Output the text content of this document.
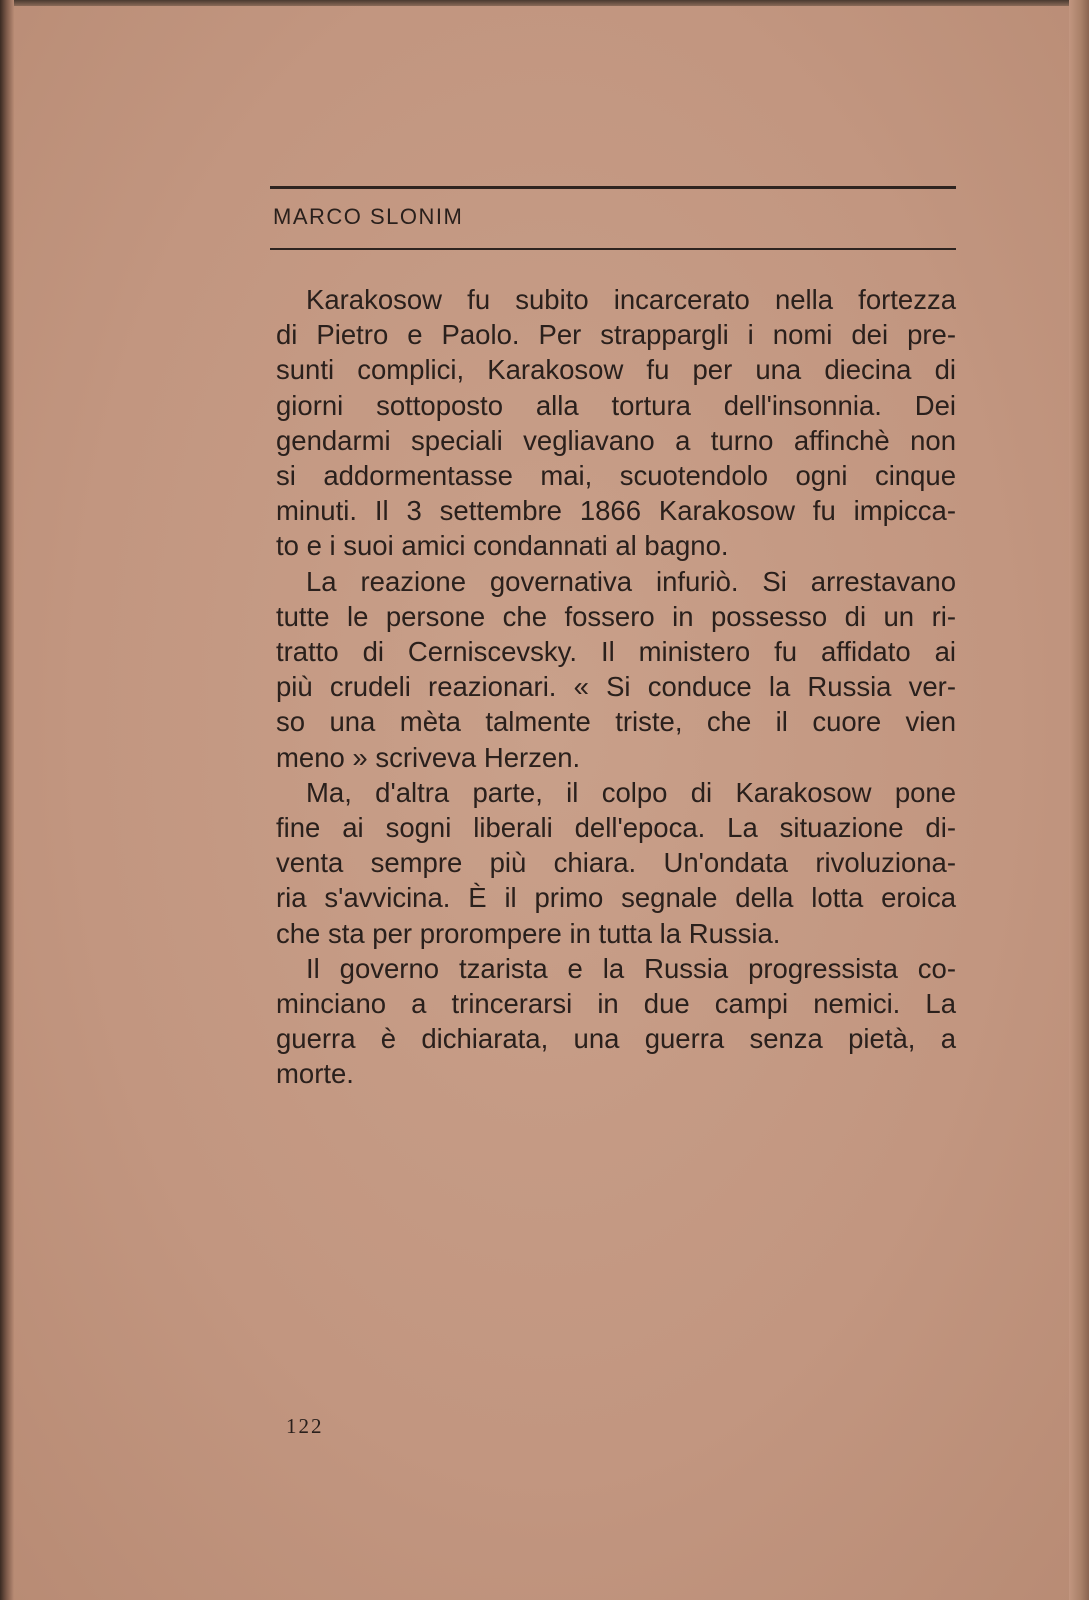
MARCO SLONIM
Karakosow fu subito incarcerato nella fortezza
di Pietro e Paolo. Per strappargli i nomi dei pre-
sunti complici, Karakosow fu per una diecina di
giorni sottoposto alla tortura dell'insonnia. Dei
gendarmi speciali vegliavano a turno affinchè non
si addormentasse mai, scuotendolo ogni cinque
minuti. Il 3 settembre 1866 Karakosow fu impicca-
to e i suoi amici condannati al bagno.
La reazione governativa infuriò. Si arrestavano
tutte le persone che fossero in possesso di un ri-
tratto di Cerniscevsky. Il ministero fu affidato ai
più crudeli reazionari. « Si conduce la Russia ver-
so una mèta talmente triste, che il cuore vien
meno » scriveva Herzen.
Ma, d'altra parte, il colpo di Karakosow pone
fine ai sogni liberali dell'epoca. La situazione di-
venta sempre più chiara. Un'ondata rivoluziona-
ria s'avvicina. È il primo segnale della lotta eroica
che sta per prorompere in tutta la Russia.
Il governo tzarista e la Russia progressista co-
minciano a trincerarsi in due campi nemici. La
guerra è dichiarata, una guerra senza pietà, a
morte.
122
